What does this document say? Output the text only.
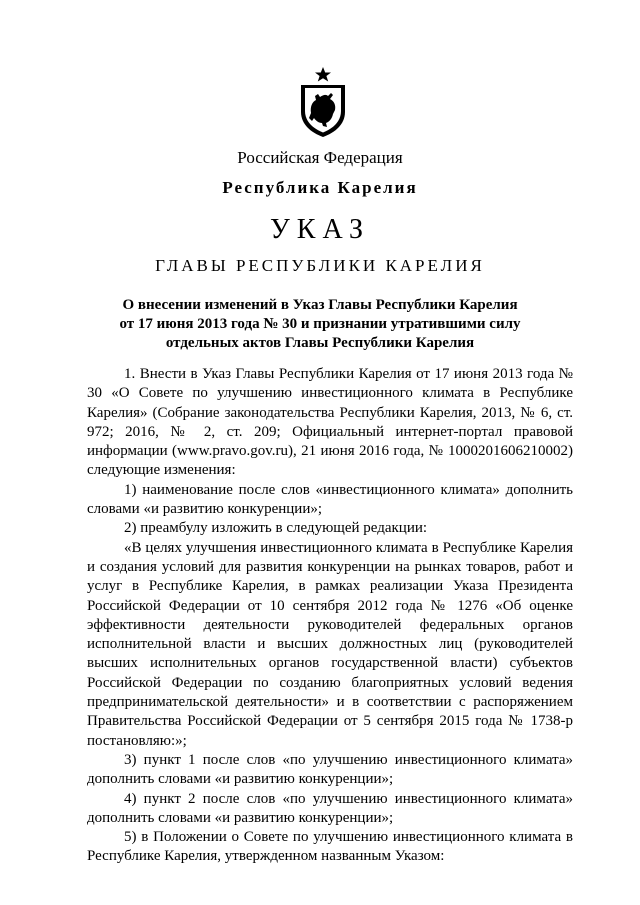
Российская Федерация
Республика Карелия
УКАЗ
ГЛАВЫ РЕСПУБЛИКИ КАРЕЛИЯ
О внесении изменений в Указ Главы Республики Карелия
от 17 июня 2013 года № 30 и признании утратившими силу
отдельных актов Главы Республики Карелия

1. Внести в Указ Главы Республики Карелия от 17 июня 2013 года № 30 «О Совете по улучшению инвестиционного климата в Республике Карелия» (Собрание законодательства Республики Карелия, 2013, № 6, ст. 972; 2016, № 2, ст. 209; Официальный интернет-портал правовой информации (www.pravo.gov.ru), 21 июня 2016 года, № 1000201606210002) следующие изменения:

1) наименование после слов «инвестиционного климата» дополнить словами «и развитию конкуренции»;

2) преамбулу изложить в следующей редакции:

«В целях улучшения инвестиционного климата в Республике Карелия и создания условий для развития конкуренции на рынках товаров, работ и услуг в Республике Карелия, в рамках реализации Указа Президента Российской Федерации от 10 сентября 2012 года № 1276 «Об оценке эффективности деятельности руководителей федеральных органов исполнительной власти и высших должностных лиц (руководителей высших исполнительных органов государственной власти) субъектов Российской Федерации по созданию благоприятных условий ведения предпринимательской деятельности» и в соответствии с распоряжением Правительства Российской Федерации от 5 сентября 2015 года № 1738-р постановляю:»;

3) пункт 1 после слов «по улучшению инвестиционного климата» дополнить словами «и развитию конкуренции»;

4) пункт 2 после слов «по улучшению инвестиционного климата» дополнить словами «и развитию конкуренции»;

5) в Положении о Совете по улучшению инвестиционного климата в Республике Карелия, утвержденном названным Указом:
